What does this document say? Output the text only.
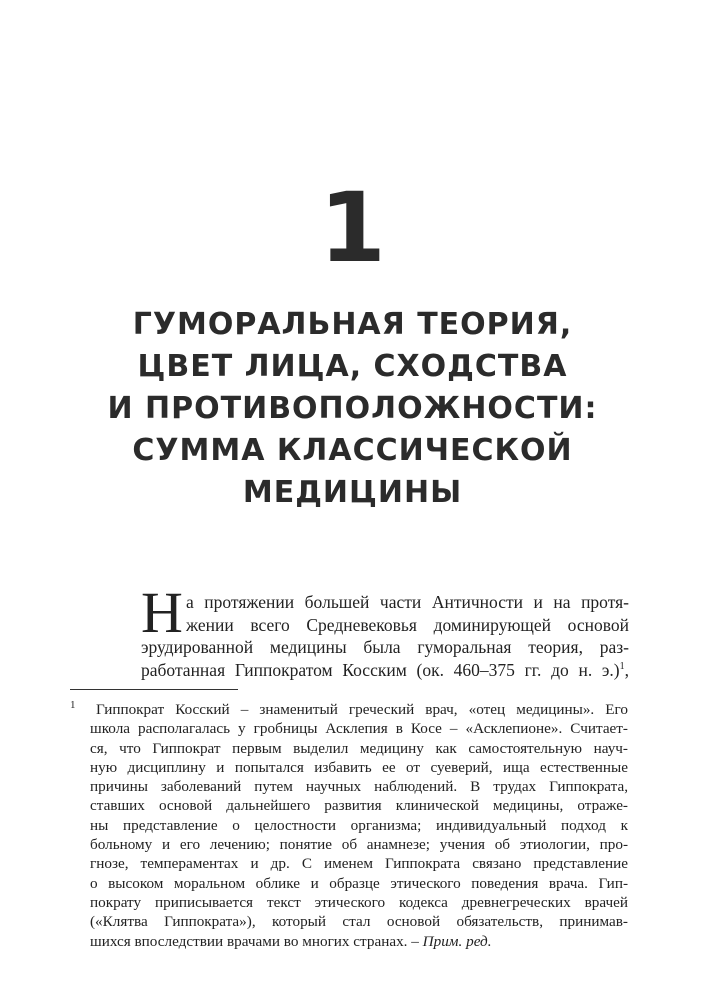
1
ГУМОРАЛЬНАЯ ТЕОРИЯ,
ЦВЕТ ЛИЦА, СХОДСТВА
И ПРОТИВОПОЛОЖНОСТИ:
СУММА КЛАССИЧЕСКОЙ
МЕДИЦИНЫ
Н а протяжении большей части Античности и на протя-
жении всего Средневековья доминирующей основой
эрудированной медицины была гуморальная теория, раз-
работанная Гиппократом Косским (ок. 460–375 гг. до н. э.)$^1$,
1	Гиппократ Косский – знаменитый греческий врач, «отец медицины». Его
школа располагалась у гробницы Асклепия в Косе – «Асклепионе». Считает-
ся, что Гиппократ первым выделил медицину как самостоятельную науч-
ную дисциплину и попытался избавить ее от суеверий, ища естественные
причины заболеваний путем научных наблюдений. В трудах Гиппократа,
ставших основой дальнейшего развития клинической медицины, отраже-
ны представление о целостности организма; индивидуальный подход к
больному и его лечению; понятие об анамнезе; учения об этиологии, про-
гнозе, темпераментах и др. С именем Гиппократа связано представление
о высоком моральном облике и образце этического поведения врача. Гип-
пократу приписывается текст этического кодекса древнегреческих врачей
(«Клятва Гиппократа»), который стал основой обязательств, принимав-
шихся впоследствии врачами во многих странах. – Прим. ред.
